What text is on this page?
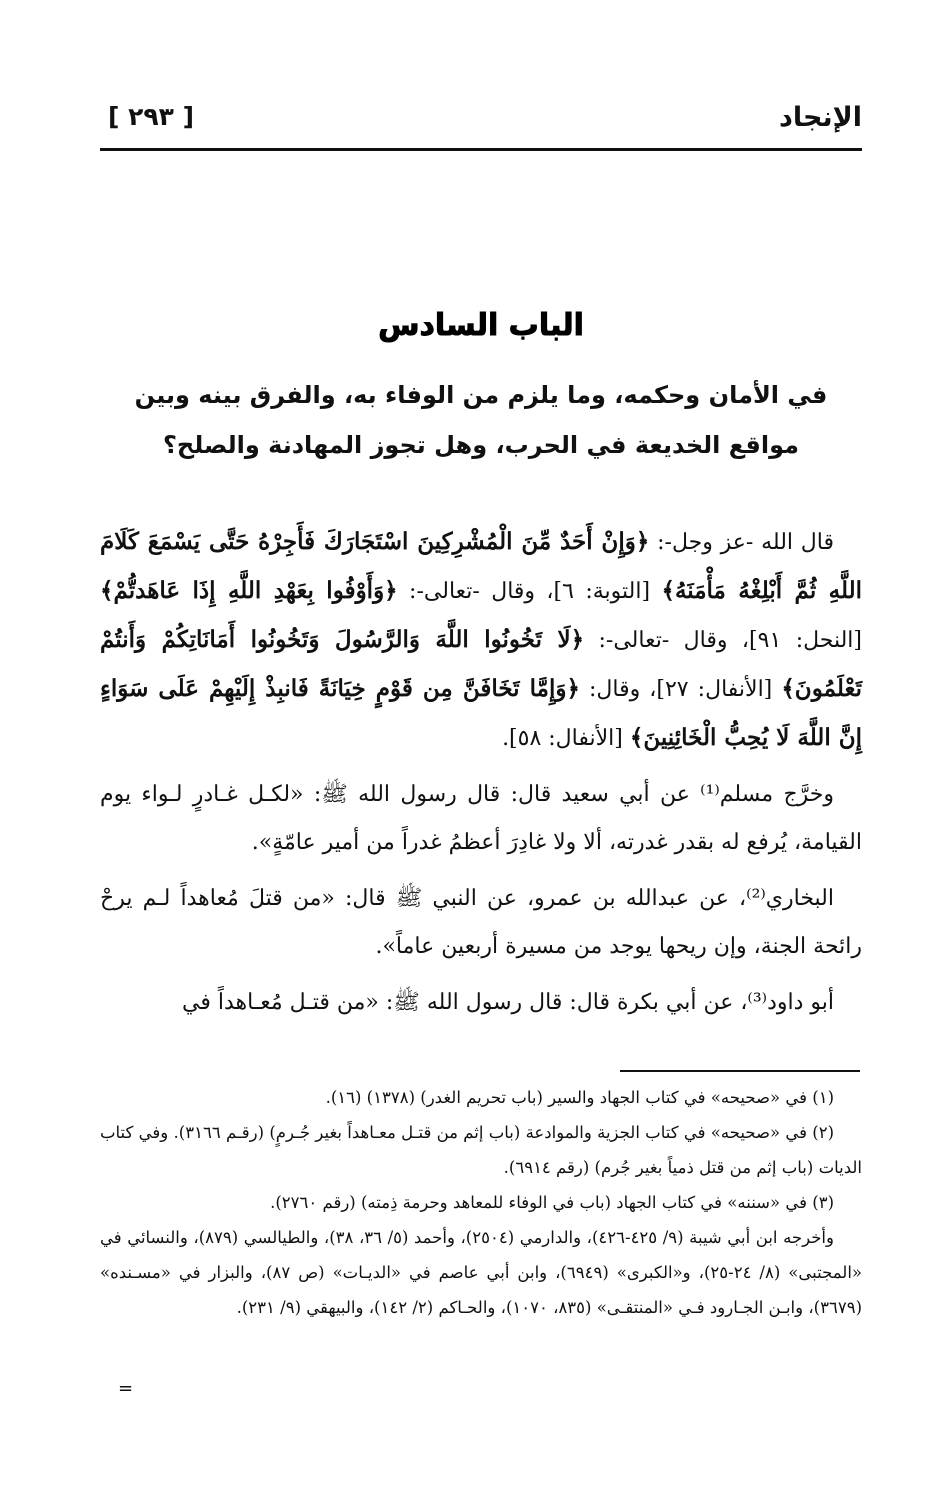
الإنجاد
[ ٢٩٣ ]
الباب السادس
في الأمان وحكمه، وما يلزم من الوفاء به، والفرق بينه وبين مواقع الخديعة في الحرب، وهل تجوز المهادنة والصلح؟

قال الله -عز وجل-: ﴿وَإِنْ أَحَدٌ مِّنَ الْمُشْرِكِينَ اسْتَجَارَكَ فَأَجِرْهُ حَتَّى يَسْمَعَ كَلَامَ اللَّهِ ثُمَّ أَبْلِغْهُ مَأْمَنَهُ﴾ [التوبة: ٦]، وقال -تعالى-: ﴿وَأَوْفُوا بِعَهْدِ اللَّهِ إِذَا عَاهَدتُّمْ﴾ [النحل: ٩١]، وقال -تعالى-: ﴿لَا تَخُونُوا اللَّهَ وَالرَّسُولَ وَتَخُونُوا أَمَانَاتِكُمْ وَأَنتُمْ تَعْلَمُونَ﴾ [الأنفال: ٢٧]، وقال: ﴿وَإِمَّا تَخَافَنَّ مِن قَوْمٍ خِيَانَةً فَانبِذْ إِلَيْهِمْ عَلَى سَوَاءٍ إِنَّ اللَّهَ لَا يُحِبُّ الْخَائِنِينَ﴾ [الأنفال: ٥٨].

وخرَّج مسلم⁽¹⁾ عن أبي سعيد قال: قال رسول الله ﷺ: «لكـل غـادرٍ لـواء يوم القيامة، يُرفع له بقدر غدرته، ألا ولا غادِرَ أعظمُ غدراً من أمير عامّةٍ».

البخاري⁽²⁾، عن عبدالله بن عمرو، عن النبي ﷺ قال: «من قتلَ مُعاهداً لـم يرحْ رائحة الجنة، وإن ريحها يوجد من مسيرة أربعين عاماً».

أبو داود⁽³⁾، عن أبي بكرة قال: قال رسول الله ﷺ: «من قتـل مُعـاهداً في

(١) في «صحيحه» في كتاب الجهاد والسير (باب تحريم الغدر) (١٣٧٨) (١٦).

(٢) في «صحيحه» في كتاب الجزية والموادعة (باب إثم من قتـل معـاهداً بغير جُـرمٍ) (رقـم ٣١٦٦). وفي كتاب الديات (باب إثم من قتل ذمياً بغير جُرم) (رقم ٦٩١٤).

(٣) في «سننه» في كتاب الجهاد (باب في الوفاء للمعاهد وحرمة ذِمته) (رقم ٢٧٦٠).

وأخرجه ابن أبي شيبة (٩/ ٤٢٥-٤٢٦)، والدارمي (٢٥٠٤)، وأحمد (٥/ ٣٦، ٣٨)، والطيالسي (٨٧٩)، والنسائي في «المجتبى» (٨/ ٢٤-٢٥)، و«الكبرى» (٦٩٤٩)، وابن أبي عاصم في «الديـات» (ص ٨٧)، والبزار في «مسـنده» (٣٦٧٩)، وابـن الجـارود فـي «المنتقـى» (٨٣٥، ١٠٧٠)، والحـاكم (٢/ ١٤٢)، والبيهقي (٩/ ٢٣١).

=
